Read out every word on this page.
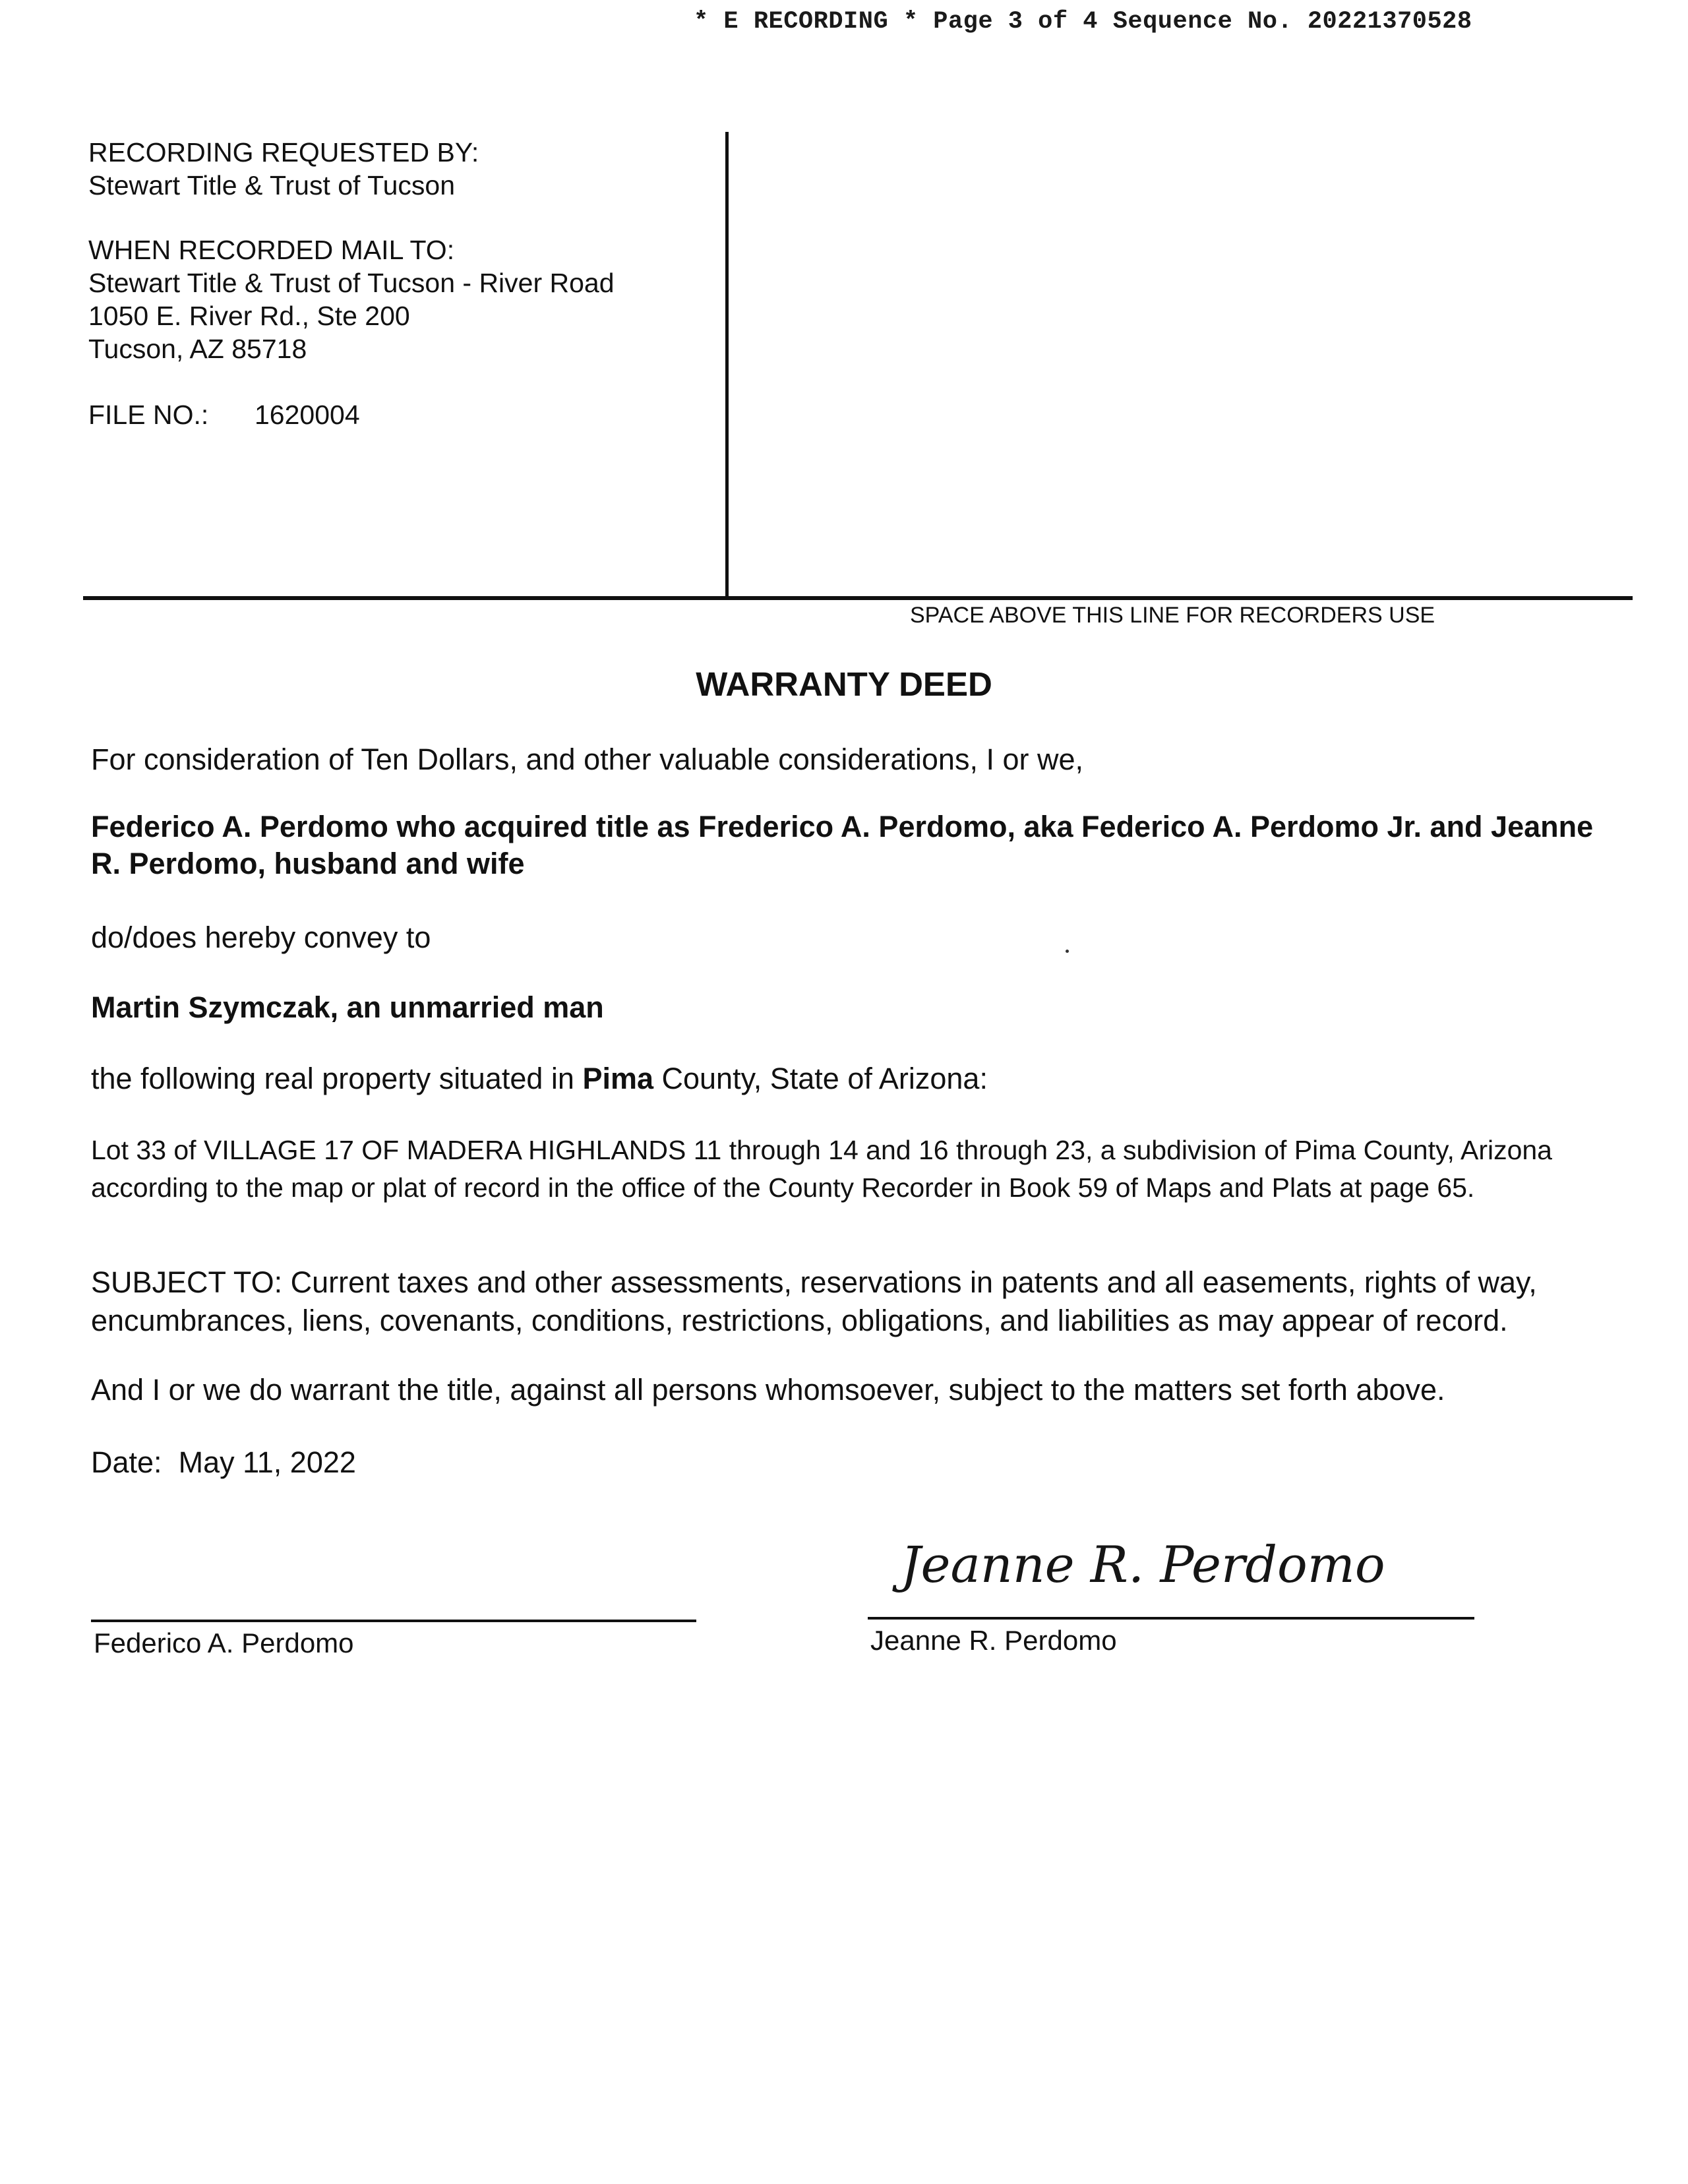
* E RECORDING * Page 3 of 4 Sequence No. 20221370528
RECORDING REQUESTED BY:
Stewart Title & Trust of Tucson
WHEN RECORDED MAIL TO:
Stewart Title & Trust of Tucson - River Road
1050 E. River Rd., Ste 200
Tucson, AZ 85718
FILE NO.: 1620004
SPACE ABOVE THIS LINE FOR RECORDERS USE
WARRANTY DEED
For consideration of Ten Dollars, and other valuable considerations, I or we,
Federico A. Perdomo who acquired title as Frederico A. Perdomo, aka Federico A. Perdomo Jr. and Jeanne R. Perdomo, husband and wife
do/does hereby convey to
Martin Szymczak, an unmarried man
the following real property situated in Pima County, State of Arizona:
Lot 33 of VILLAGE 17 OF MADERA HIGHLANDS 11 through 14 and 16 through 23, a subdivision of Pima County, Arizona according to the map or plat of record in the office of the County Recorder in Book 59 of Maps and Plats at page 65.
SUBJECT TO: Current taxes and other assessments, reservations in patents and all easements, rights of way, encumbrances, liens, covenants, conditions, restrictions, obligations, and liabilities as may appear of record.
And I or we do warrant the title, against all persons whomsoever, subject to the matters set forth above.
Date: May 11, 2022
Jeanne R. Perdomo
Federico A. Perdomo	Jeanne R. Perdomo
